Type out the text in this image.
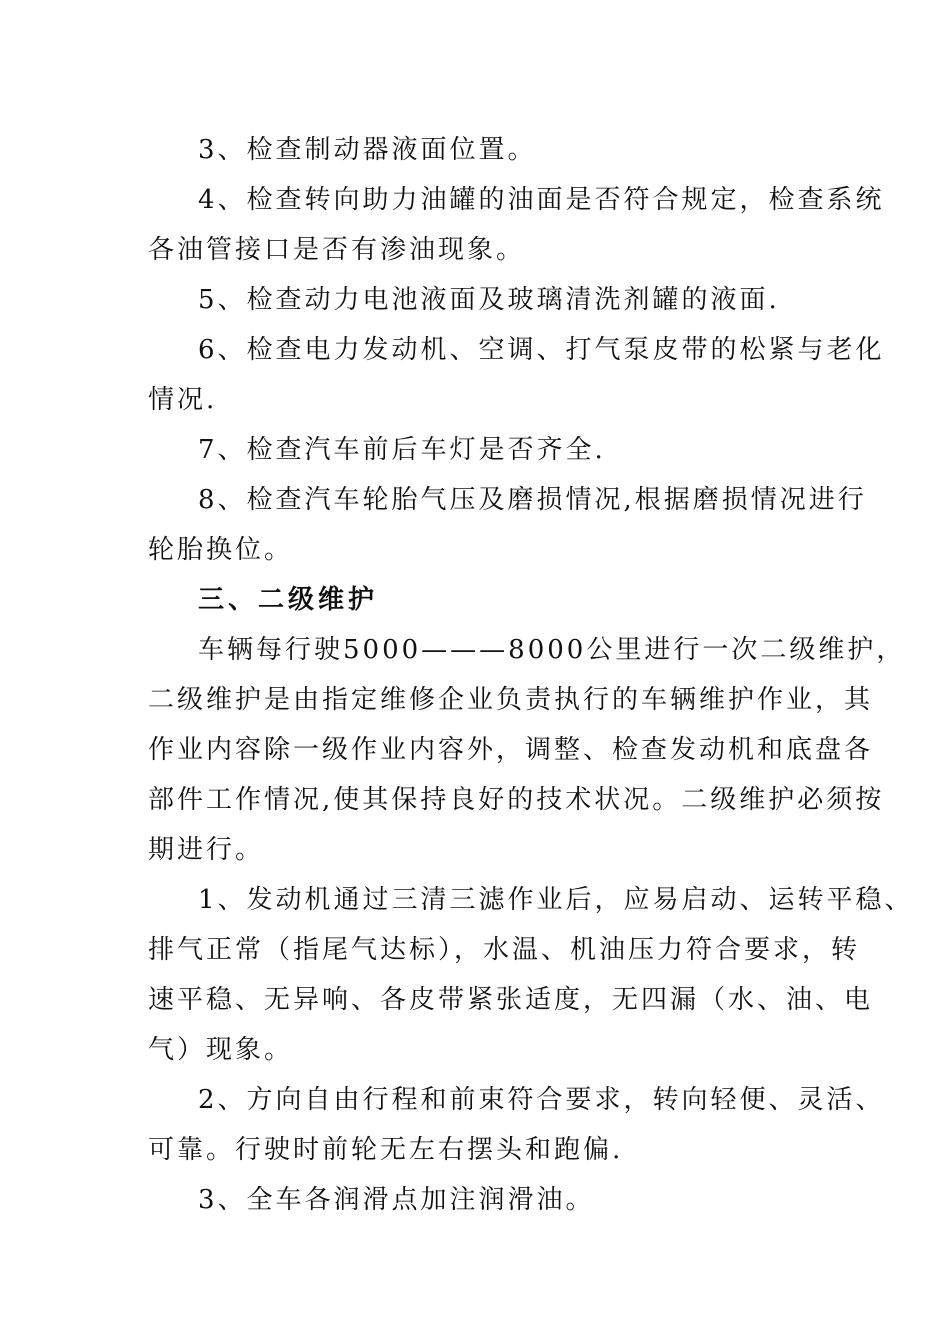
3、检查制动器液面位置。
4、检查转向助力油罐的油面是否符合规定，检查系统
各油管接口是否有渗油现象。
5、检查动力电池液面及玻璃清洗剂罐的液面.
6、检查电力发动机、空调、打气泵皮带的松紧与老化
情况.
7、检查汽车前后车灯是否齐全.
8、检查汽车轮胎气压及磨损情况,根据磨损情况进行
轮胎换位。
三、二级维护
车辆每行驶5000———8000公里进行一次二级维护，
二级维护是由指定维修企业负责执行的车辆维护作业，其
作业内容除一级作业内容外，调整、检查发动机和底盘各
部件工作情况,使其保持良好的技术状况。二级维护必须按
期进行。
1、发动机通过三清三滤作业后，应易启动、运转平稳、
排气正常（指尾气达标），水温、机油压力符合要求，转
速平稳、无异响、各皮带紧张适度，无四漏（水、油、电
气）现象。
2、方向自由行程和前束符合要求，转向轻便、灵活、
可靠。行驶时前轮无左右摆头和跑偏.
3、全车各润滑点加注润滑油。
